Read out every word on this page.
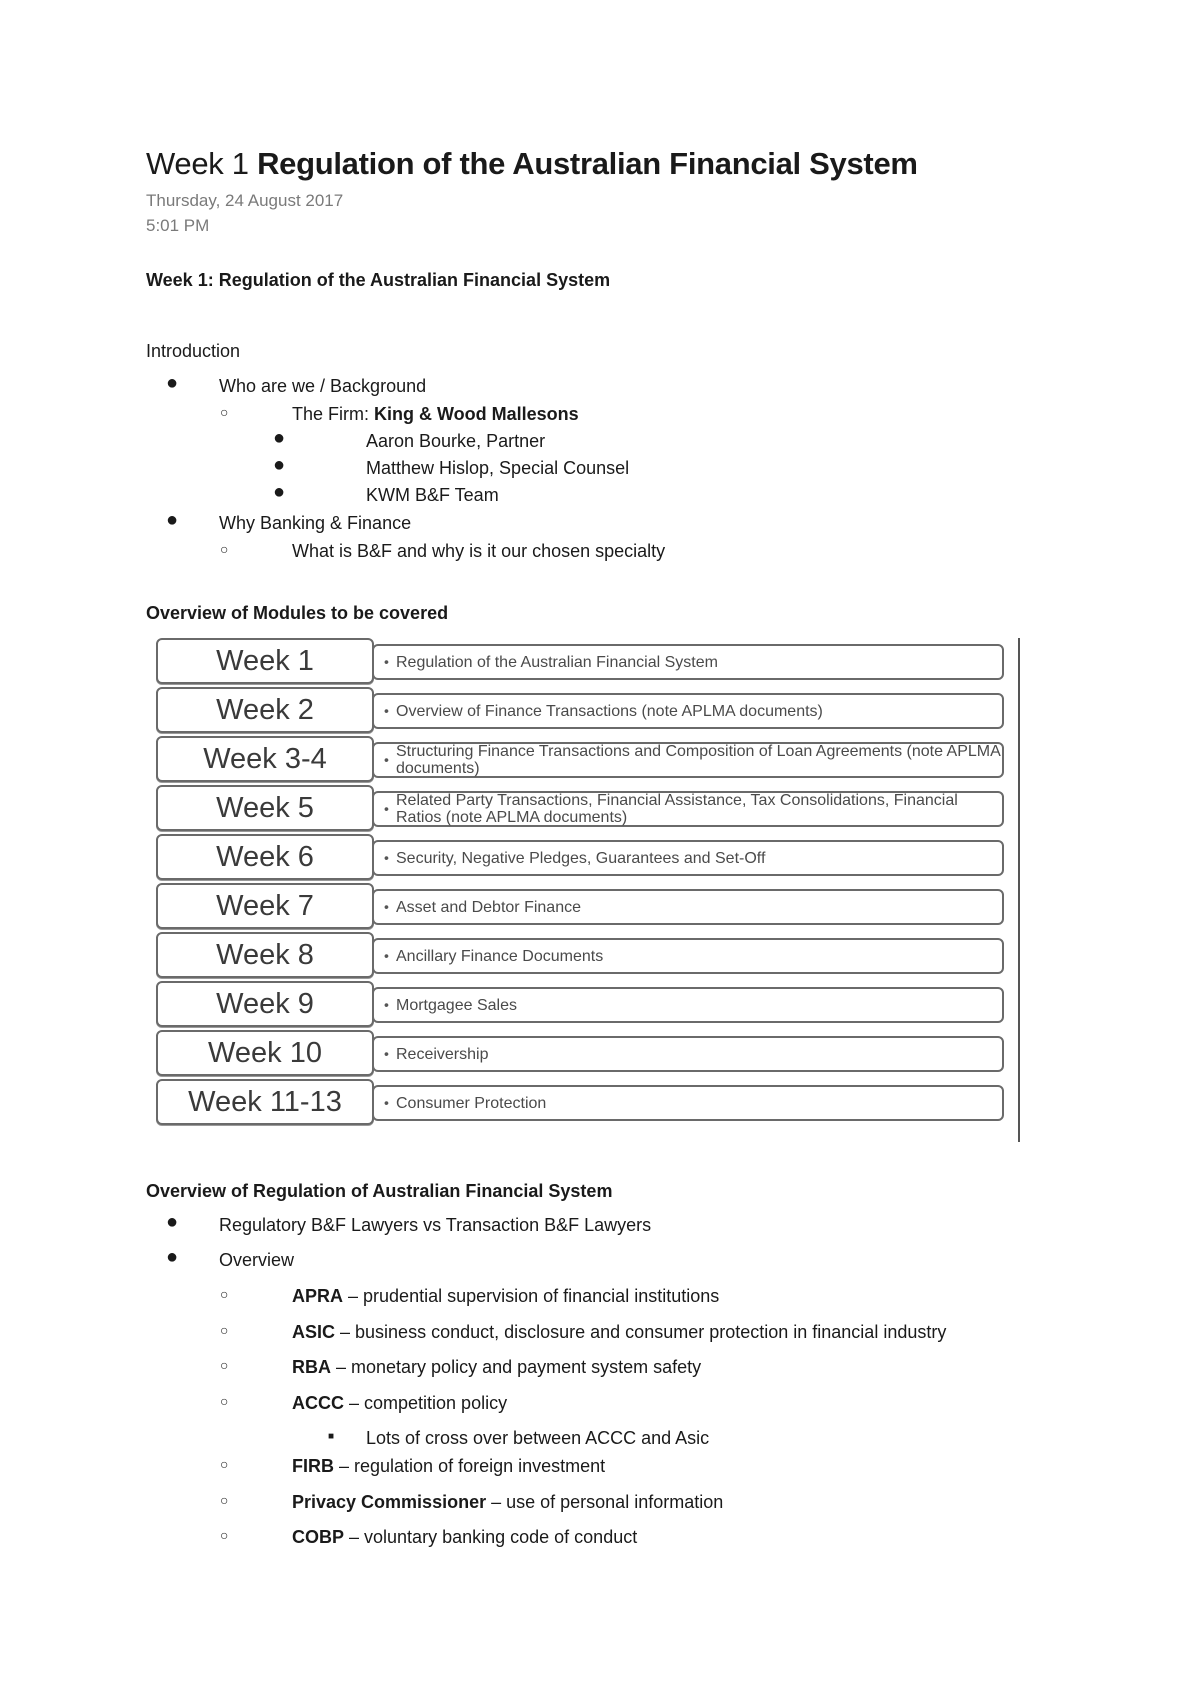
Week 1 Regulation of the Australian Financial System
Thursday, 24 August 2017
5:01 PM
Week 1: Regulation of the Australian Financial System
Introduction
● Who are we / Background
○	The Firm: King & Wood Mallesons
●	Aaron Bourke, Partner
●	Matthew Hislop, Special Counsel
●	KWM B&F Team
● Why Banking & Finance
○	What is B&F and why is it our chosen specialty
Overview of Modules to be covered
Week 1	• Regulation of the Australian Financial System
Week 2	• Overview of Finance Transactions (note APLMA documents)
Week 3-4	• Structuring Finance Transactions and Composition of Loan Agreements (note APLMA documents)
Week 5	• Related Party Transactions, Financial Assistance, Tax Consolidations, Financial Ratios (note APLMA documents)
Week 6	• Security, Negative Pledges, Guarantees and Set-Off
Week 7	• Asset and Debtor Finance
Week 8	• Ancillary Finance Documents
Week 9	• Mortgagee Sales
Week 10	• Receivership
Week 11-13	• Consumer Protection
Overview of Regulation of Australian Financial System
● Regulatory B&F Lawyers vs Transaction B&F Lawyers
● Overview
○	APRA – prudential supervision of financial institutions
○	ASIC – business conduct, disclosure and consumer protection in financial industry
○	RBA – monetary policy and payment system safety
○	ACCC – competition policy
■ Lots of cross over between ACCC and Asic
○	FIRB – regulation of foreign investment
○	Privacy Commissioner – use of personal information
○	COBP – voluntary banking code of conduct
